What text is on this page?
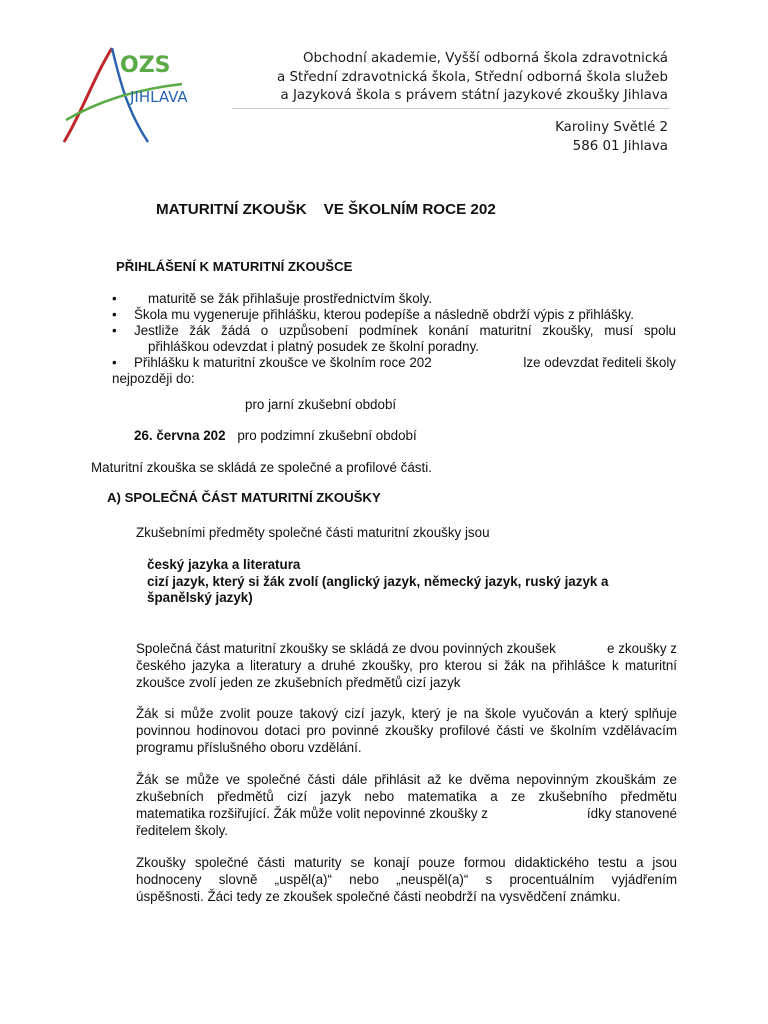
OZS
JIHLAVA
Obchodní akademie, Vyšší odborná škola zdravotnická
a Střední zdravotnická škola, Střední odborná škola služeb
a Jazyková škola s právem státní jazykové zkoušky Jihlava
Karoliny Světlé 2
586 01 Jihlava
MATURITNÍ ZKOUŠK    VE ŠKOLNÍM ROCE 202
PŘIHLÁŠENÍ K MATURITNÍ ZKOUŠCE
• maturitě se žák přihlašuje prostřednictvím školy.
• Škola mu vygeneruje přihlášku, kterou podepíše a následně obdrží výpis z přihlášky.
• Jestliže žák žádá o uzpůsobení podmínek konání maturitní zkoušky, musí spolu
přihláškou odevzdat i platný posudek ze školní poradny.
• Přihlášku k maturitní zkoušce ve školním roce 202	lze odevzdat řediteli školy
nejpozději do:
pro jarní zkušební období
26. června 202 pro podzimní zkušební období
Maturitní zkouška se skládá ze společné a profilové části.
A) SPOLEČNÁ ČÁST MATURITNÍ ZKOUŠKY
Zkušebními předměty společné části maturitní zkoušky jsou
český jazyka a literatura
cizí jazyk, který si žák zvolí (anglický jazyk, německý jazyk, ruský jazyk a
španělský jazyk)
Společná část maturitní zkoušky se skládá ze dvou povinných zkoušek	e zkoušky z
českého jazyka a literatury a druhé zkoušky, pro kterou si žák na přihlášce k maturitní
zkoušce zvolí jeden ze zkušebních předmětů cizí jazyk
Žák si může zvolit pouze takový cizí jazyk, který je na škole vyučován a který splňuje
povinnou hodinovou dotaci pro povinné zkoušky profilové části ve školním vzdělávacím
programu příslušného oboru vzdělání.
Žák se může ve společné části dále přihlásit až ke dvěma nepovinným zkouškám ze
zkušebních předmětů cizí jazyk nebo matematika a ze zkušebního předmětu
matematika rozšiřující. Žák může volit nepovinné zkoušky z	ídky stanovené
ředitelem školy.
Zkoušky společné části maturity se konají pouze formou didaktického testu a jsou
hodnoceny slovně „uspěl(a)“ nebo „neuspěl(a)“ s procentuálním vyjádřením
úspěšnosti. Žáci tedy ze zkoušek společné části neobdrží na vysvědčení známku.
